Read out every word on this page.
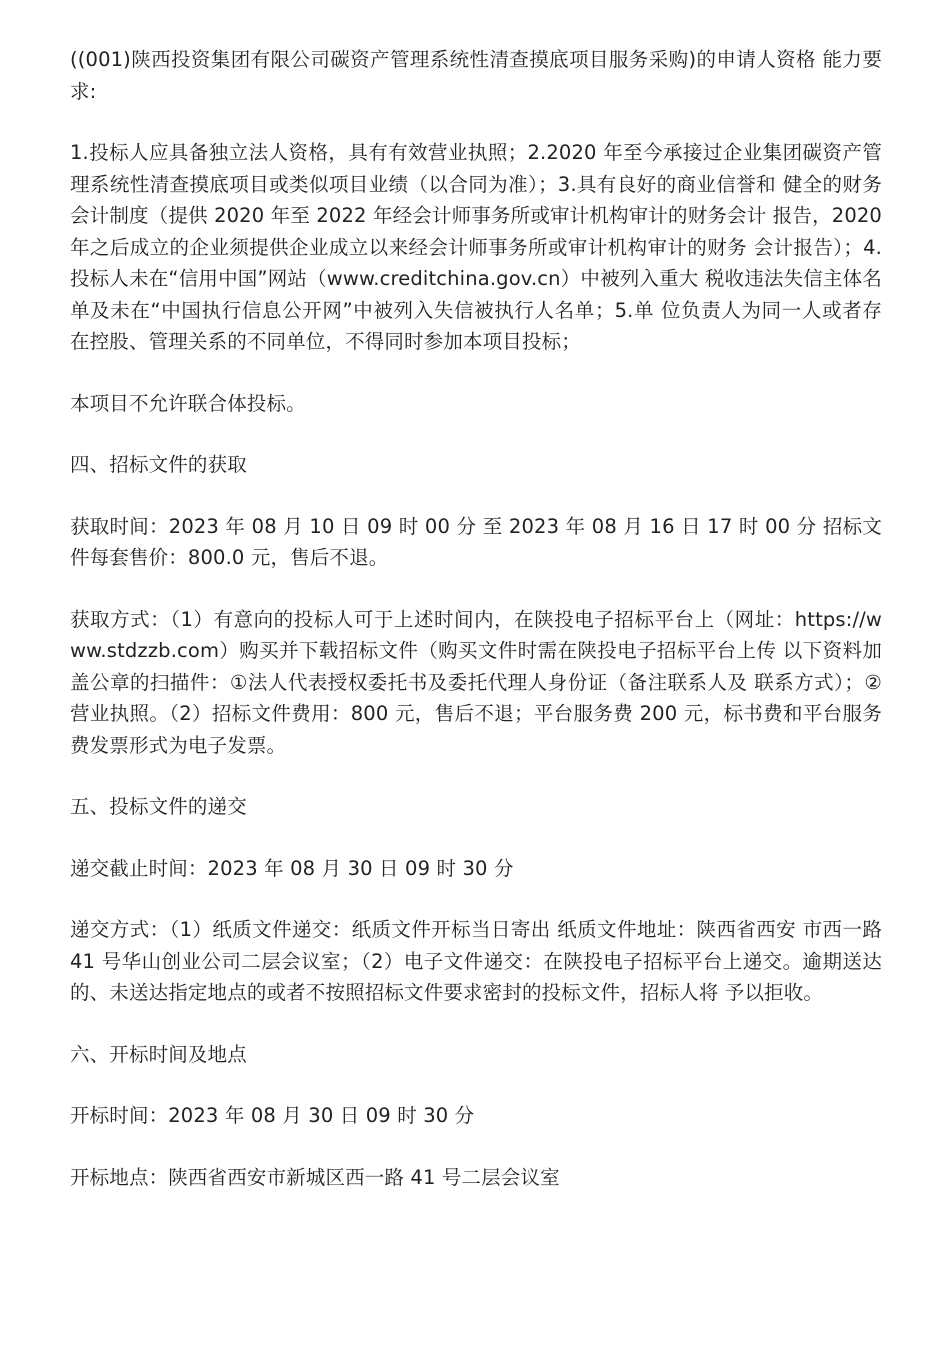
((001)陕西投资集团有限公司碳资产管理系统性清查摸底项目服务采购)的申请人资格 能力要求:

1.投标人应具备独立法人资格，具有有效营业执照；2.2020 年至今承接过企业集团碳资产管理系统性清查摸底项目或类似项目业绩（以合同为准）；3.具有良好的商业信誉和 健全的财务会计制度（提供 2020 年至 2022 年经会计师事务所或审计机构审计的财务会计 报告，2020 年之后成立的企业须提供企业成立以来经会计师事务所或审计机构审计的财务 会计报告）；4.投标人未在“信用中国”网站（www.creditchina.gov.cn）中被列入重大 税收违法失信主体名单及未在“中国执行信息公开网”中被列入失信被执行人名单；5.单 位负责人为同一人或者存在控股、管理关系的不同单位，不得同时参加本项目投标；

本项目不允许联合体投标。

四、招标文件的获取

获取时间：2023 年 08 月 10 日 09 时 00 分 至 2023 年 08 月 16 日 17 时 00 分 招标文件每套售价：800.0 元，售后不退。

获取方式：（1）有意向的投标人可于上述时间内，在陕投电子招标平台上（网址：https://www.stdzzb.com）购买并下载招标文件（购买文件时需在陕投电子招标平台上传 以下资料加盖公章的扫描件：①法人代表授权委托书及委托代理人身份证（备注联系人及 联系方式）；②营业执照。（2）招标文件费用：800 元，售后不退；平台服务费 200 元，标书费和平台服务费发票形式为电子发票。

五、投标文件的递交

递交截止时间：2023 年 08 月 30 日 09 时 30 分

递交方式：（1）纸质文件递交：纸质文件开标当日寄出 纸质文件地址：陕西省西安 市西一路 41 号华山创业公司二层会议室；（2）电子文件递交：在陕投电子招标平台上递交。逾期送达的、未送达指定地点的或者不按照招标文件要求密封的投标文件，招标人将 予以拒收。

六、开标时间及地点

开标时间：2023 年 08 月 30 日 09 时 30 分

开标地点：陕西省西安市新城区西一路 41 号二层会议室
